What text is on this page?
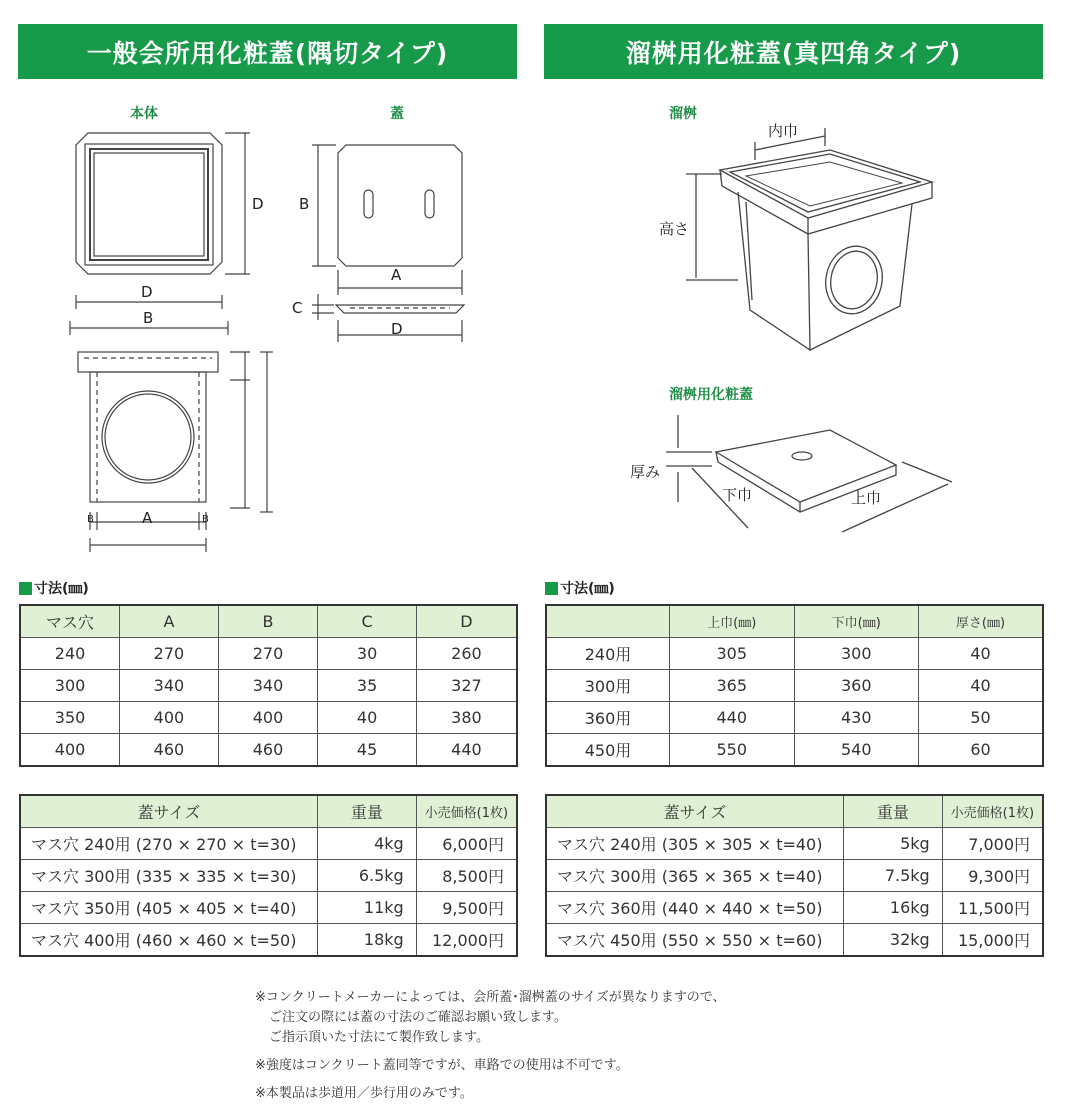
一般会所用化粧蓋(隅切タイプ)	溜桝用化粧蓋(真四角タイプ)
本体	蓋
D
D
B
A
B	B
B
A
C
D
溜桝
溜桝用化粧蓋
内巾
高さ
厚み
下巾	上巾
寸法(㎜)	寸法(㎜)
マス穴	A	B	C	D
240	270	270	30	260
300	340	340	35	327
350	400	400	40	380
400	460	460	45	440
	上巾(㎜)	下巾(㎜)	厚さ(㎜)
240用	305	300	40
300用	365	360	40
360用	440	430	50
450用	550	540	60
蓋サイズ	重量	小売価格(1枚)
マス穴 240用 (270 × 270 × t=30)	4kg	6,000円
マス穴 300用 (335 × 335 × t=30)	6.5kg	8,500円
マス穴 350用 (405 × 405 × t=40)	11kg	9,500円
マス穴 400用 (460 × 460 × t=50)	18kg	12,000円
蓋サイズ	重量	小売価格(1枚)
マス穴 240用 (305 × 305 × t=40)	5kg	7,000円
マス穴 300用 (365 × 365 × t=40)	7.5kg	9,300円
マス穴 360用 (440 × 440 × t=50)	16kg	11,500円
マス穴 450用 (550 × 550 × t=60)	32kg	15,000円

※コンクリートメーカーによっては、会所蓋･溜桝蓋のサイズが異なりますので、

ご注文の際には蓋の寸法のご確認お願い致します。

ご指示頂いた寸法にて製作致します。

※強度はコンクリート蓋同等ですが、車路での使用は不可です。

※本製品は歩道用／歩行用のみです。
